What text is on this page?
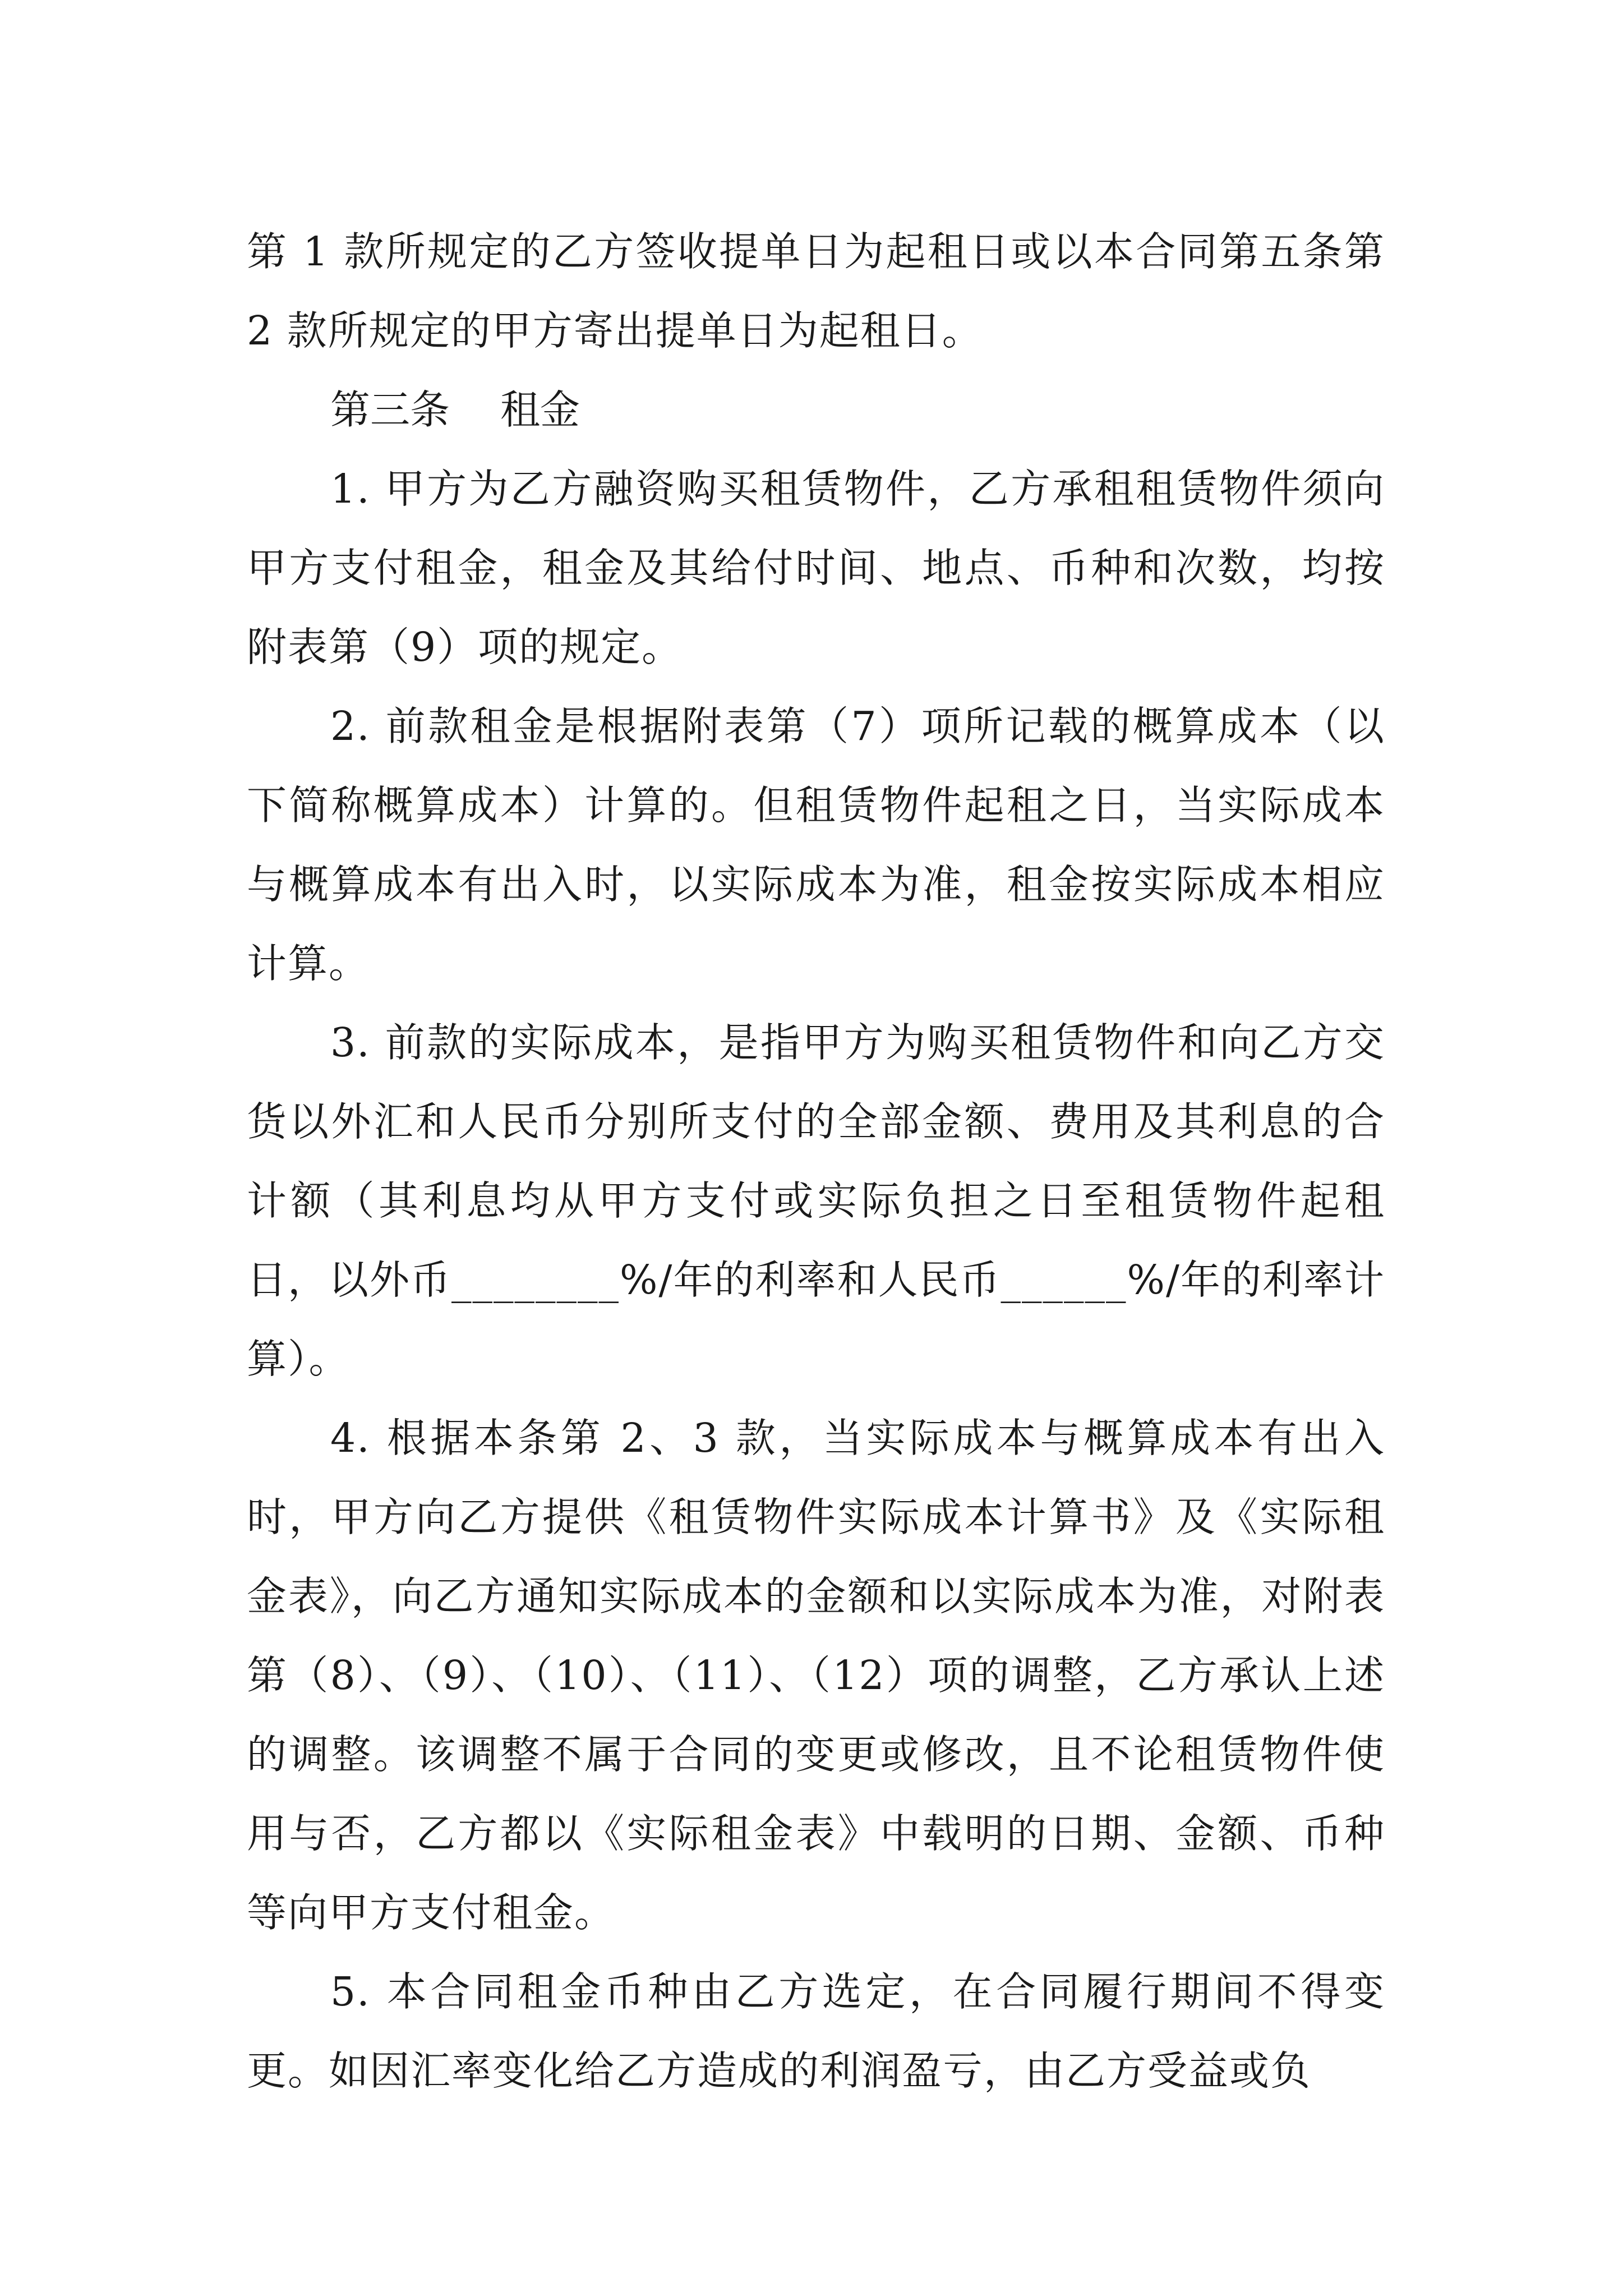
第 1 款所规定的乙方签收提单日为起租日或以本合同第五条第 2 款所规定的甲方寄出提单日为起租日。

第三条 租金

1. 甲方为乙方融资购买租赁物件，乙方承租租赁物件须向甲方支付租金，租金及其给付时间、地点、币种和次数，均按附表第（9）项的规定。

2. 前款租金是根据附表第（7）项所记载的概算成本（以下简称概算成本）计算的。但租赁物件起租之日，当实际成本与概算成本有出入时，以实际成本为准，租金按实际成本相应计算。

3. 前款的实际成本，是指甲方为购买租赁物件和向乙方交货以外汇和人民币分别所支付的全部金额、费用及其利息的合计额（其利息均从甲方支付或实际负担之日至租赁物件起租日，以外币________%/年的利率和人民币______%/年的利率计算）。

4. 根据本条第 2、3 款，当实际成本与概算成本有出入时，甲方向乙方提供《租赁物件实际成本计算书》及《实际租金表》，向乙方通知实际成本的金额和以实际成本为准，对附表第（8）、（9）、（10）、（11）、（12）项的调整，乙方承认上述的调整。该调整不属于合同的变更或修改，且不论租赁物件使用与否，乙方都以《实际租金表》中载明的日期、金额、币种等向甲方支付租金。

5. 本合同租金币种由乙方选定，在合同履行期间不得变更。如因汇率变化给乙方造成的利润盈亏，由乙方受益或负
